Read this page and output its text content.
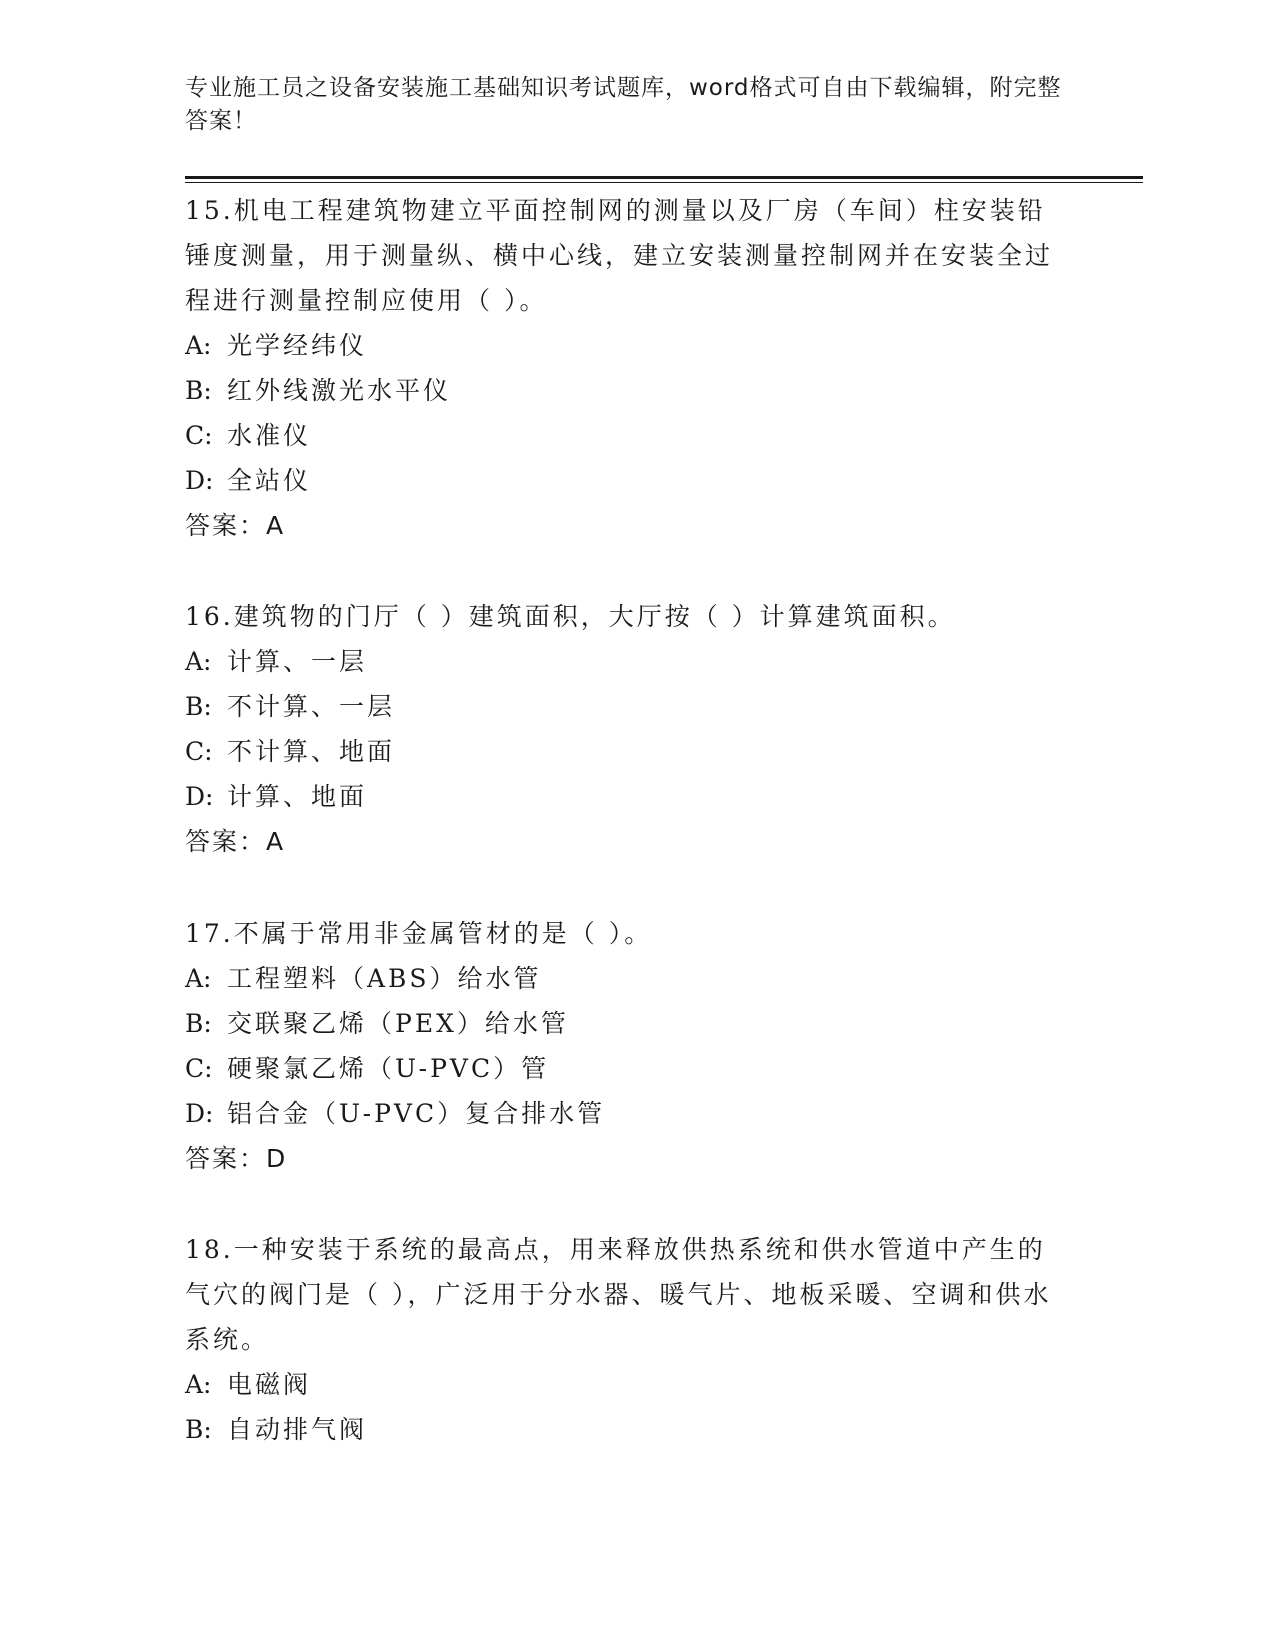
专业施工员之设备安装施工基础知识考试题库，word格式可自由下载编辑，附完整答案！
15.机电工程建筑物建立平面控制网的测量以及厂房（车间）柱安装铅锤度测量，用于测量纵、横中心线，建立安装测量控制网并在安装全过程进行测量控制应使用（ ）。
A: 光学经纬仪
B: 红外线激光水平仪
C: 水准仪
D: 全站仪
答案：A
16.建筑物的门厅（ ）建筑面积，大厅按（ ）计算建筑面积。
A: 计算、一层
B: 不计算、一层
C: 不计算、地面
D: 计算、地面
答案：A
17.不属于常用非金属管材的是（ ）。
A: 工程塑料（ABS）给水管
B: 交联聚乙烯（PEX）给水管
C: 硬聚氯乙烯（U-PVC）管
D: 铝合金（U-PVC）复合排水管
答案：D
18.一种安装于系统的最高点，用来释放供热系统和供水管道中产生的气穴的阀门是（ ），广泛用于分水器、暖气片、地板采暖、空调和供水系统。
A: 电磁阀
B: 自动排气阀
